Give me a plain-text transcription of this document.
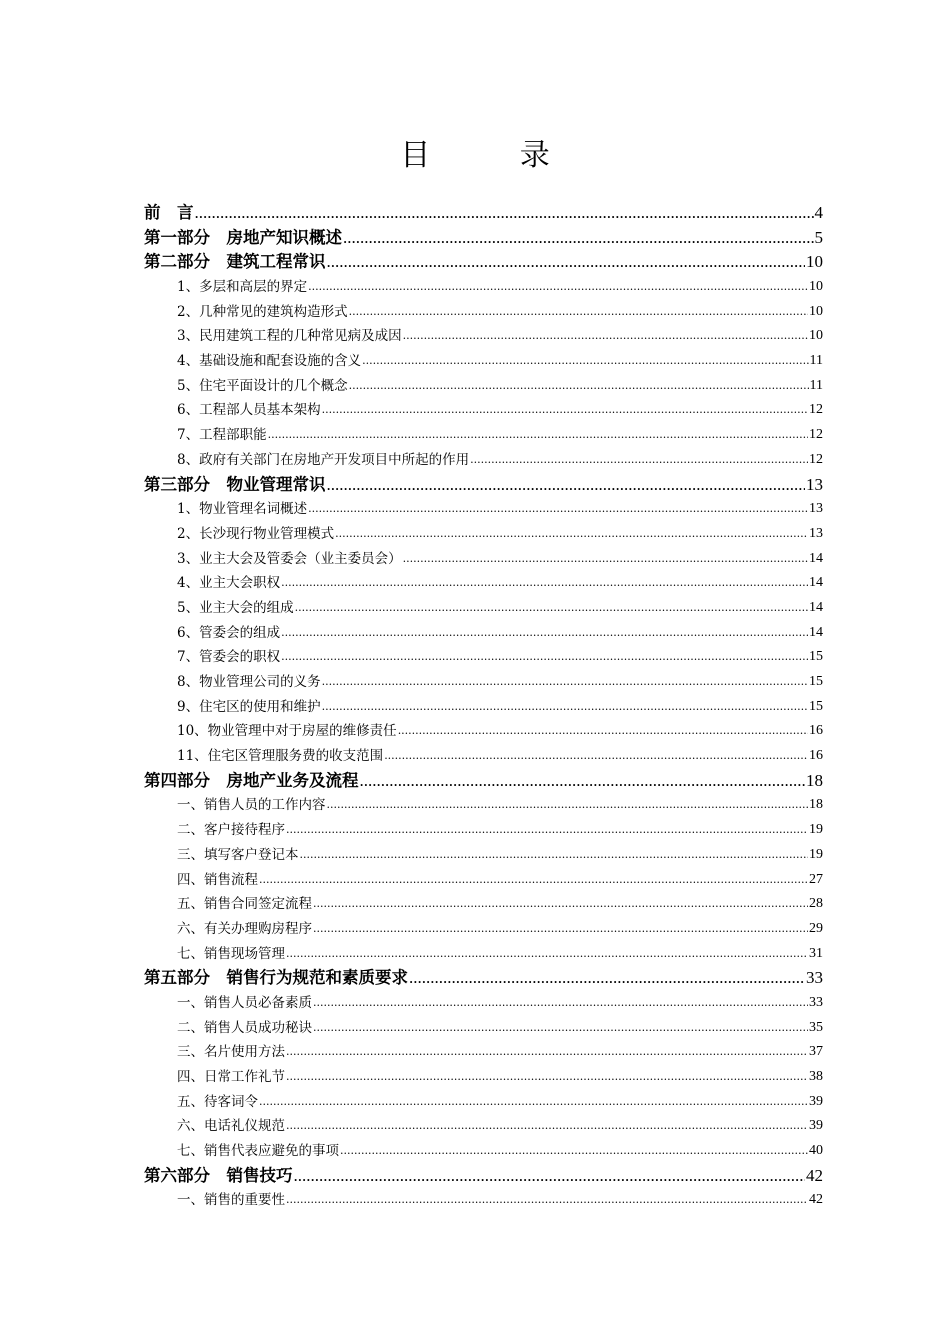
目 录
前　言 .....	4
第一部分　房地产知识概述 .....	5
第二部分　建筑工程常识 .....	10
1、多层和高层的界定 .....	10
2、几种常见的建筑构造形式 .....	10
3、民用建筑工程的几种常见病及成因 .....	10
4、基础设施和配套设施的含义 .....	11
5、住宅平面设计的几个概念 .....	11
6、工程部人员基本架构 .....	12
7、工程部职能 .....	12
8、政府有关部门在房地产开发项目中所起的作用 .....	12
第三部分　物业管理常识 .....	13
1、物业管理名词概述 .....	13
2、长沙现行物业管理模式 .....	13
3、业主大会及管委会（业主委员会） .....	14
4、业主大会职权 .....	14
5、业主大会的组成 .....	14
6、管委会的组成 .....	14
7、管委会的职权 .....	15
8、物业管理公司的义务 .....	15
9、住宅区的使用和维护 .....	15
10、物业管理中对于房屋的维修责任 .....	16
11、住宅区管理服务费的收支范围 .....	16
第四部分　房地产业务及流程 .....	18
一、销售人员的工作内容 .....	18
二、客户接待程序 .....	19
三、填写客户登记本 .....	19
四、销售流程 .....	27
五、销售合同签定流程 .....	28
六、有关办理购房程序 .....	29
七、销售现场管理 .....	31
第五部分　销售行为规范和素质要求 .....	33
一、销售人员必备素质 .....	33
二、销售人员成功秘诀 .....	35
三、名片使用方法 .....	37
四、日常工作礼节 .....	38
五、待客词令 .....	39
六、电话礼仪规范 .....	39
七、销售代表应避免的事项 .....	40
第六部分　销售技巧 .....	42
一、销售的重要性 .....	42
